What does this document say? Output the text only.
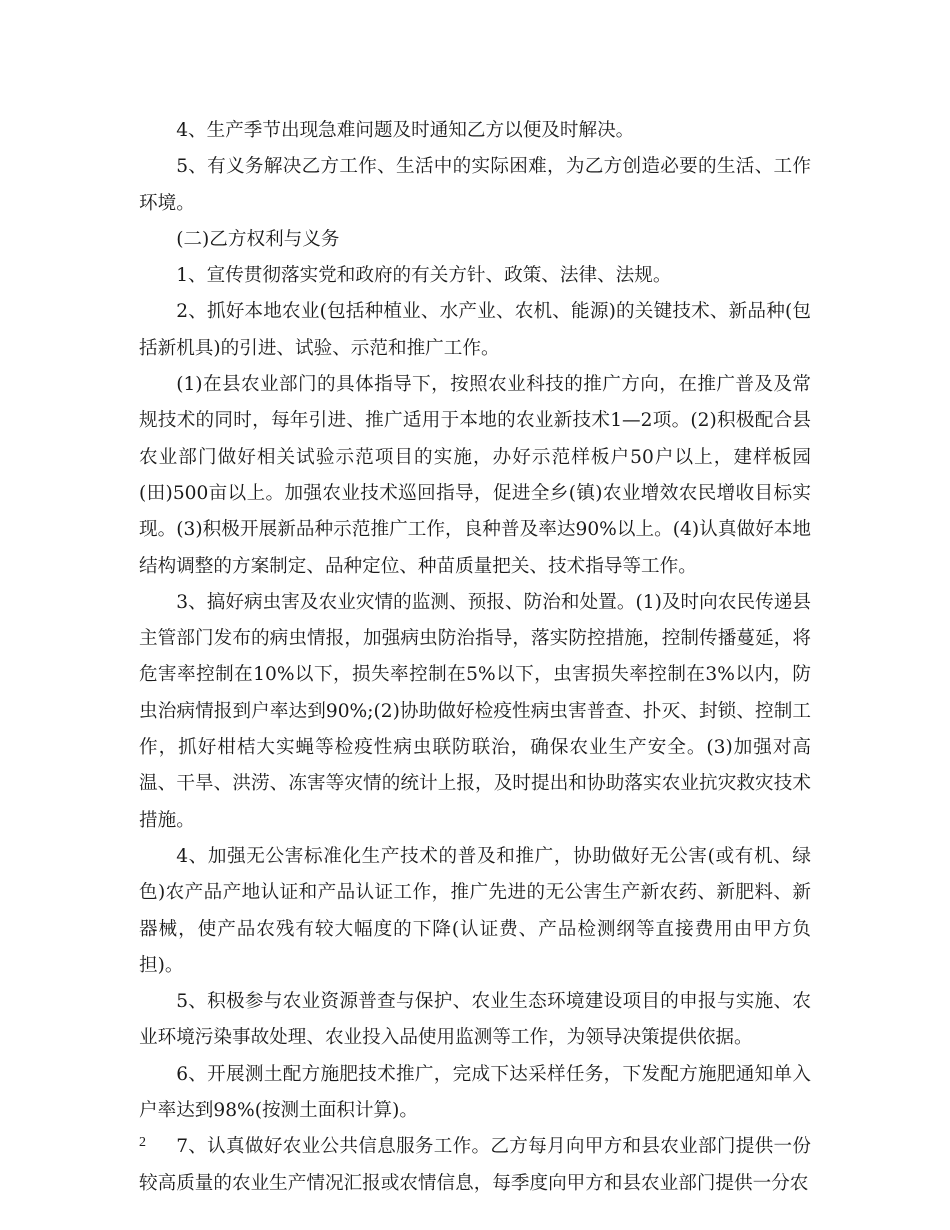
4、生产季节出现急难问题及时通知乙方以便及时解决。

5、有义务解决乙方工作、生活中的实际困难，为乙方创造必要的生活、工作环境。

(二)乙方权利与义务

1、宣传贯彻落实党和政府的有关方针、政策、法律、法规。

2、抓好本地农业(包括种植业、水产业、农机、能源)的关键技术、新品种(包括新机具)的引进、试验、示范和推广工作。

(1)在县农业部门的具体指导下，按照农业科技的推广方向，在推广普及及常规技术的同时，每年引进、推广适用于本地的农业新技术1—2项。(2)积极配合县农业部门做好相关试验示范项目的实施，办好示范样板户50户以上，建样板园(田)500亩以上。加强农业技术巡回指导，促进全乡(镇)农业增效农民增收目标实现。(3)积极开展新品种示范推广工作，良种普及率达90%以上。(4)认真做好本地结构调整的方案制定、品种定位、种苗质量把关、技术指导等工作。

3、搞好病虫害及农业灾情的监测、预报、防治和处置。(1)及时向农民传递县主管部门发布的病虫情报，加强病虫防治指导，落实防控措施，控制传播蔓延，将危害率控制在10%以下，损失率控制在5%以下，虫害损失率控制在3%以内，防虫治病情报到户率达到90%;(2)协助做好检疫性病虫害普查、扑灭、封锁、控制工作，抓好柑桔大实蝇等检疫性病虫联防联治，确保农业生产安全。(3)加强对高温、干旱、洪涝、冻害等灾情的统计上报，及时提出和协助落实农业抗灾救灾技术措施。

4、加强无公害标准化生产技术的普及和推广，协助做好无公害(或有机、绿色)农产品产地认证和产品认证工作，推广先进的无公害生产新农药、新肥料、新器械，使产品农残有较大幅度的下降(认证费、产品检测纲等直接费用由甲方负担)。

5、积极参与农业资源普查与保护、农业生态环境建设项目的申报与实施、农业环境污染事故处理、农业投入品使用监测等工作，为领导决策提供依据。

6、开展测土配方施肥技术推广，完成下达采样任务，下发配方施肥通知单入户率达到98%(按测土面积计算)。

7、认真做好农业公共信息服务工作。乙方每月向甲方和县农业部门提供一份较高质量的农业生产情况汇报或农情信息，每季度向甲方和县农业部门提供一分农

2
